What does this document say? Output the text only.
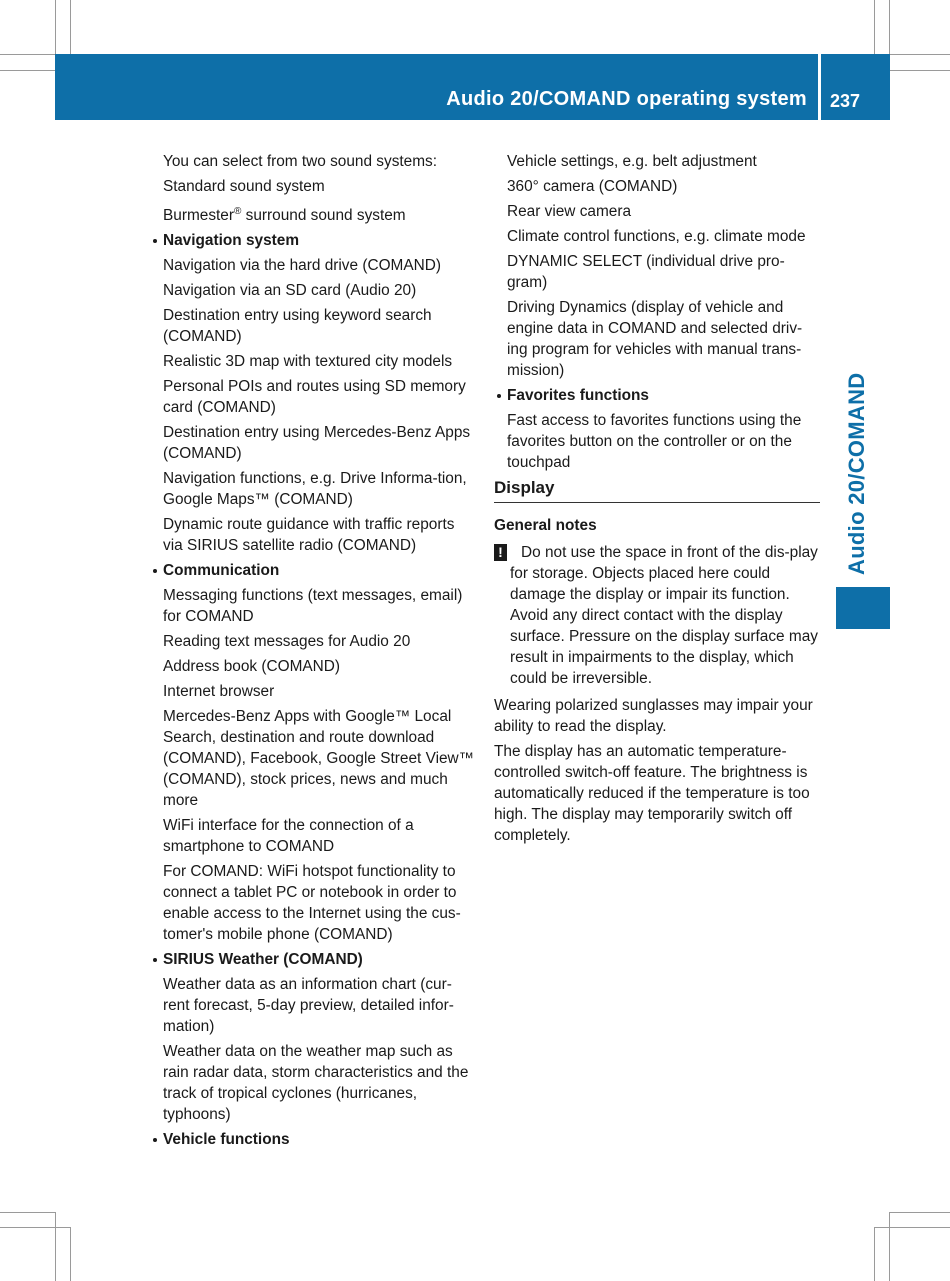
Audio 20/COMAND operating system 237
Audio 20/COMAND

You can select from two sound systems:

Standard sound system

Burmester® surround sound system

Navigation system

Navigation via the hard drive (COMAND)

Navigation via an SD card (Audio 20)

Destination entry using keyword search (COMAND)

Realistic 3D map with textured city models

Personal POIs and routes using SD memory card (COMAND)

Destination entry using Mercedes-Benz Apps (COMAND)

Navigation functions, e.g. Drive Informa-tion, Google Maps™ (COMAND)

Dynamic route guidance with traffic reports via SIRIUS satellite radio (COMAND)

Communication

Messaging functions (text messages, email) for COMAND

Reading text messages for Audio 20

Address book (COMAND)

Internet browser

Mercedes-Benz Apps with Google™ Local Search, destination and route download (COMAND), Facebook, Google Street View™ (COMAND), stock prices, news and much more

WiFi interface for the connection of a smartphone to COMAND

For COMAND: WiFi hotspot functionality to connect a tablet PC or notebook in order to enable access to the Internet using the cus-tomer's mobile phone (COMAND)

SIRIUS Weather (COMAND)

Weather data as an information chart (cur-rent forecast, 5-day preview, detailed infor-mation)

Weather data on the weather map such as rain radar data, storm characteristics and the track of tropical cyclones (hurricanes, typhoons)

Vehicle functions

Vehicle settings, e.g. belt adjustment

360° camera (COMAND)

Rear view camera

Climate control functions, e.g. climate mode

DYNAMIC SELECT (individual drive pro-gram)

Driving Dynamics (display of vehicle and engine data in COMAND and selected driv-ing program for vehicles with manual trans-mission)

Favorites functions

Fast access to favorites functions using the favorites button on the controller or on the touchpad

Display

General notes

!	Do not use the space in front of the dis-play for storage. Objects placed here could damage the display or impair its function. Avoid any direct contact with the display surface. Pressure on the display surface may result in impairments to the display, which could be irreversible.

Wearing polarized sunglasses may impair your ability to read the display.

The display has an automatic temperature-controlled switch-off feature. The brightness is automatically reduced if the temperature is too high. The display may temporarily switch off completely.
